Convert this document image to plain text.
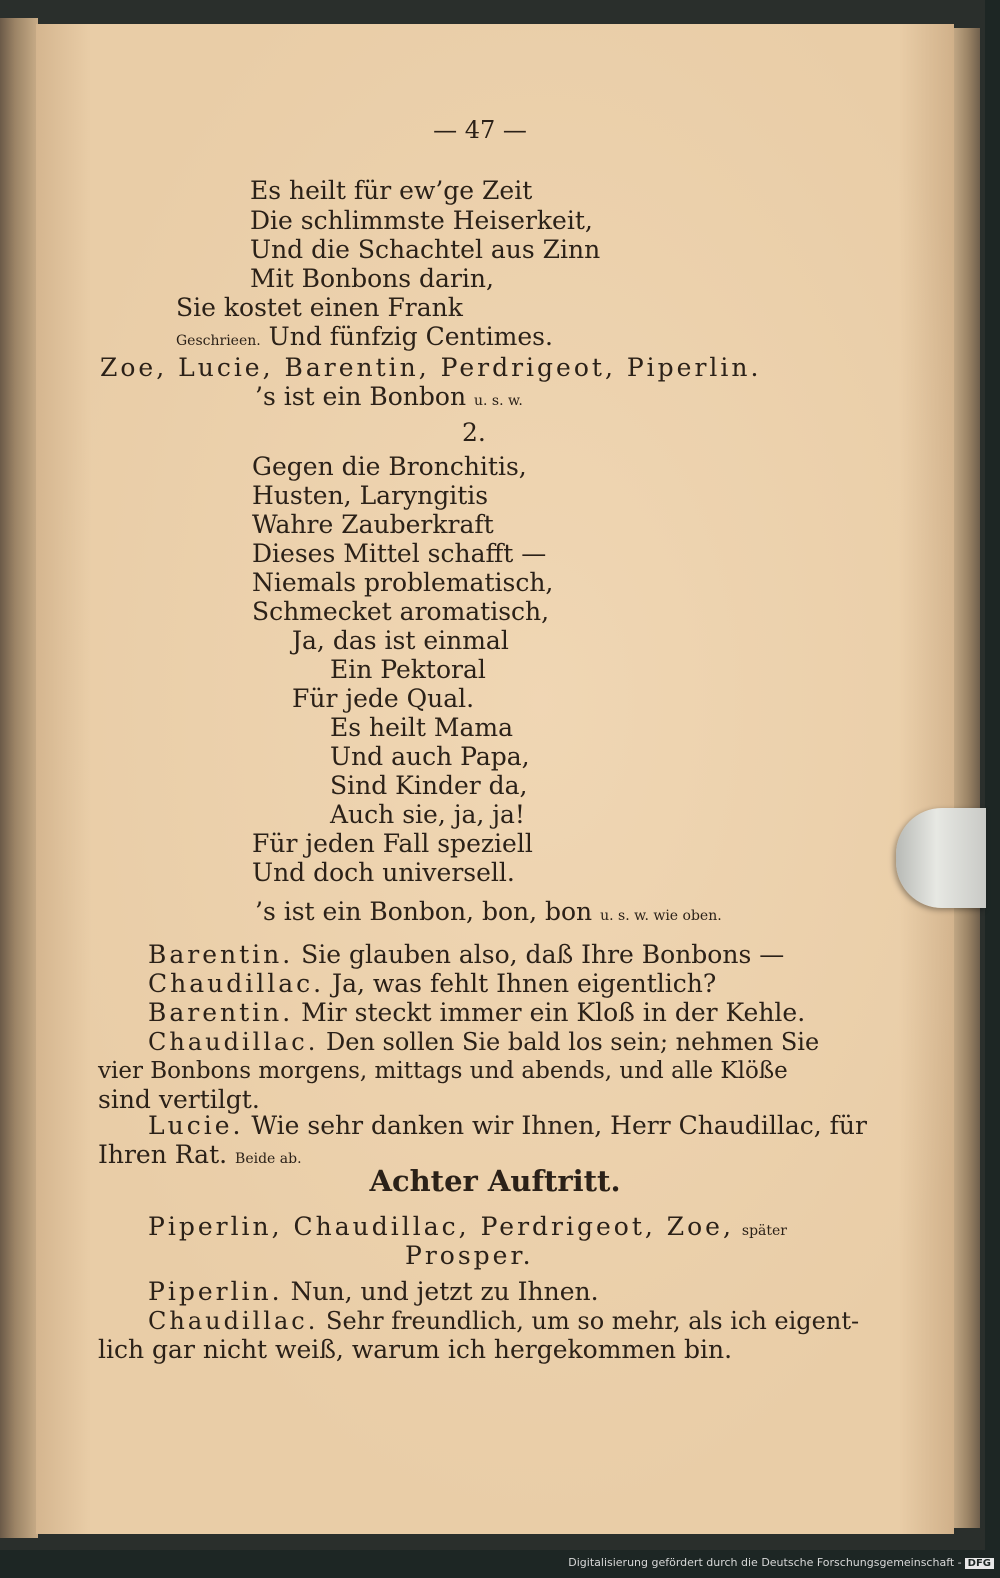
— 47 —
Es heilt für ew’ge Zeit
Die schlimmste Heiserkeit,
Und die Schachtel aus Zinn
Mit Bonbons darin,
Sie kostet einen Frank
Geschrieen. Und fünfzig Centimes.
Zoe, Lucie, Barentin, Perdrigeot, Piperlin.
’s ist ein Bonbon u. s. w.
2.
Gegen die Bronchitis,
Husten, Laryngitis
Wahre Zauberkraft
Dieses Mittel schafft —
Niemals problematisch,
Schmecket aromatisch,
Ja, das ist einmal
Ein Pektoral
Für jede Qual.
Es heilt Mama
Und auch Papa,
Sind Kinder da,
Auch sie, ja, ja!
Für jeden Fall speziell
Und doch universell.
’s ist ein Bonbon, bon, bon u. s. w. wie oben.
Barentin. Sie glauben also, daß Ihre Bonbons —
Chaudillac. Ja, was fehlt Ihnen eigentlich?
Barentin. Mir steckt immer ein Kloß in der Kehle.
Chaudillac. Den sollen Sie bald los sein; nehmen Sie
vier Bonbons morgens, mittags und abends, und alle Klöße
sind vertilgt.
Lucie. Wie sehr danken wir Ihnen, Herr Chaudillac, für
Ihren Rat. Beide ab.
Achter Auftritt.
Piperlin, Chaudillac, Perdrigeot, Zoe, später
Prosper.
Piperlin. Nun, und jetzt zu Ihnen.
Chaudillac. Sehr freundlich, um so mehr, als ich eigent-
lich gar nicht weiß, warum ich hergekommen bin.
Digitalisierung gefördert durch die Deutsche Forschungsgemeinschaft - DFG
